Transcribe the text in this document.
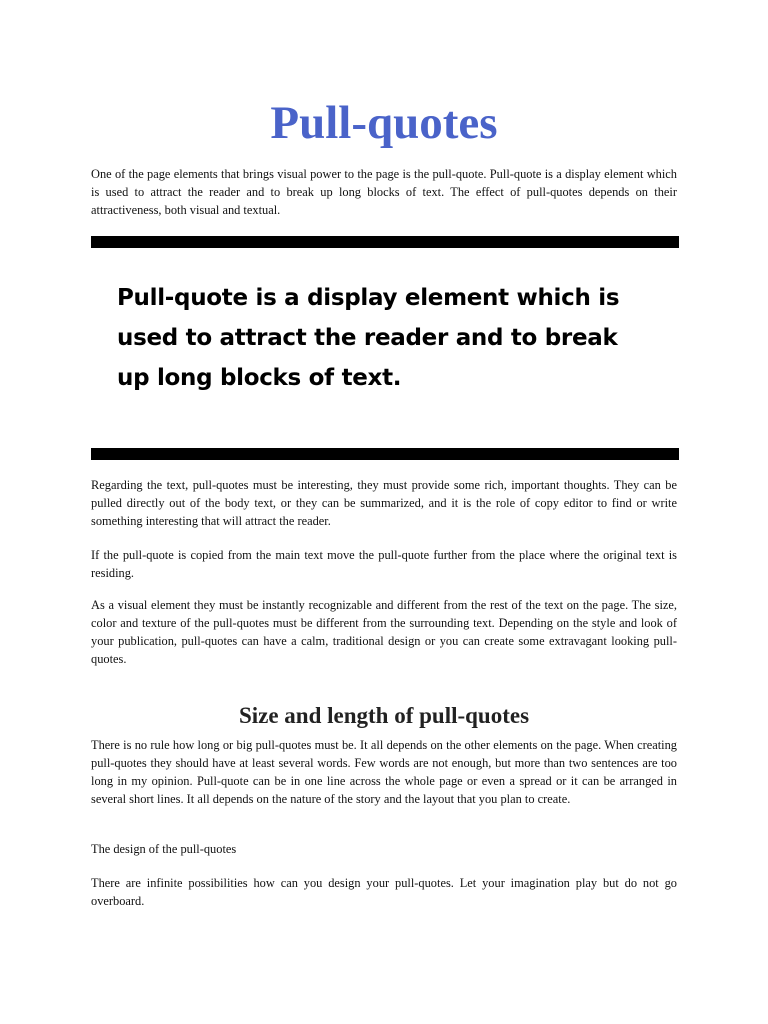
Pull-quotes

One of the page elements that brings visual power to the page is the pull-quote. Pull-quote is a display element which is used to attract the reader and to break up long blocks of text. The effect of pull-quotes depends on their attractiveness, both visual and textual.

Pull-quote is a display element which is used to attract the reader and to break up long blocks of text.

Regarding the text, pull-quotes must be interesting, they must provide some rich, important thoughts. They can be pulled directly out of the body text, or they can be summarized, and it is the role of copy editor to find or write something interesting that will attract the reader.

If the pull-quote is copied from the main text move the pull-quote further from the place where the original text is residing.

As a visual element they must be instantly recognizable and different from the rest of the text on the page. The size, color and texture of the pull-quotes must be different from the surrounding text. Depending on the style and look of your publication, pull-quotes can have a calm, traditional design or you can create some extravagant looking pull-quotes.

Size and length of pull-quotes

There is no rule how long or big pull-quotes must be. It all depends on the other elements on the page. When creating pull-quotes they should have at least several words. Few words are not enough, but more than two sentences are too long in my opinion. Pull-quote can be in one line across the whole page or even a spread or it can be arranged in several short lines. It all depends on the nature of the story and the layout that you plan to create.

The design of the pull-quotes

There are infinite possibilities how can you design your pull-quotes. Let your imagination play but do not go overboard.
